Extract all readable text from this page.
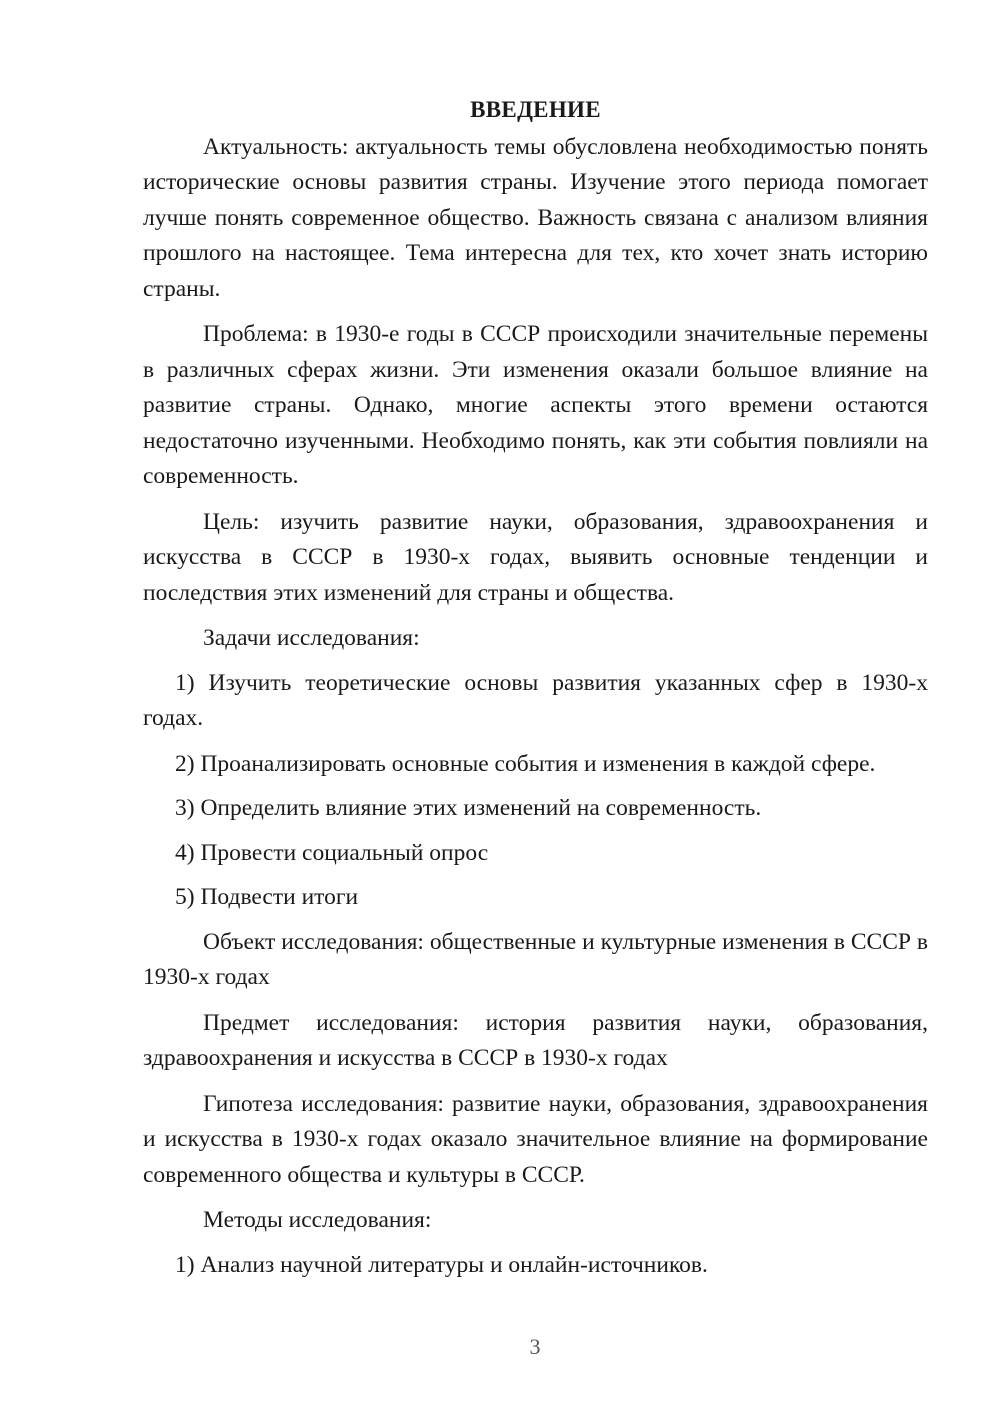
ВВЕДЕНИЕ

Актуальность: актуальность темы обусловлена необходимостью понять исторические основы развития страны. Изучение этого периода помогает лучше понять современное общество. Важность связана с анализом влияния прошлого на настоящее. Тема интересна для тех, кто хочет знать историю страны.

Проблема: в 1930-е годы в СССР происходили значительные перемены в различных сферах жизни. Эти изменения оказали большое влияние на развитие страны. Однако, многие аспекты этого времени остаются недостаточно изученными. Необходимо понять, как эти события повлияли на современность.

Цель: изучить развитие науки, образования, здравоохранения и искусства в СССР в 1930-х годах, выявить основные тенденции и последствия этих изменений для страны и общества.

Задачи исследования:

1) Изучить теоретические основы развития указанных сфер в 1930-х годах.

2) Проанализировать основные события и изменения в каждой сфере.

3) Определить влияние этих изменений на современность.

4) Провести социальный опрос

5) Подвести итоги

Объект исследования: общественные и культурные изменения в СССР в 1930-х годах

Предмет исследования: история развития науки, образования, здравоохранения и искусства в СССР в 1930-х годах

Гипотеза исследования: развитие науки, образования, здравоохранения и искусства в 1930-х годах оказало значительное влияние на формирование современного общества и культуры в СССР.

Методы исследования:

1) Анализ научной литературы и онлайн-источников.

3
